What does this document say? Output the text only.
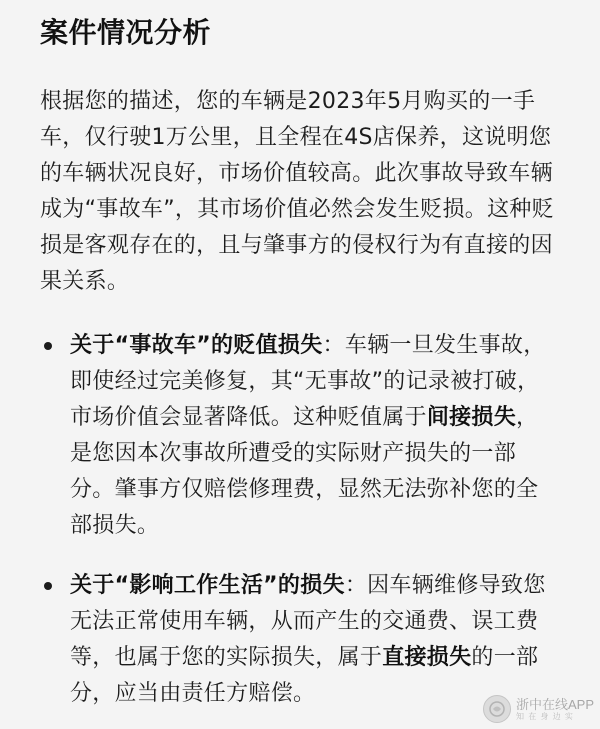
案件情况分析
根据您的描述，您的车辆是2023年5月购买的一手车，仅行驶1万公里，且全程在4S店保养，这说明您的车辆状况良好，市场价值较高。此次事故导致车辆成为“事故车”，其市场价值必然会发生贬损。这种贬损是客观存在的，且与肇事方的侵权行为有直接的因果关系。
关于“事故车”的贬值损失：车辆一旦发生事故，即使经过完美修复，其“无事故”的记录被打破，市场价值会显著降低。这种贬值属于间接损失，是您因本次事故所遭受的实际财产损失的一部分。肇事方仅赔偿修理费，显然无法弥补您的全部损失。
关于“影响工作生活”的损失：因车辆维修导致您无法正常使用车辆，从而产生的交通费、误工费等，也属于您的实际损失，属于直接损失的一部分，应当由责任方赔偿。	浙中在线APP
知 在 身 边 实
